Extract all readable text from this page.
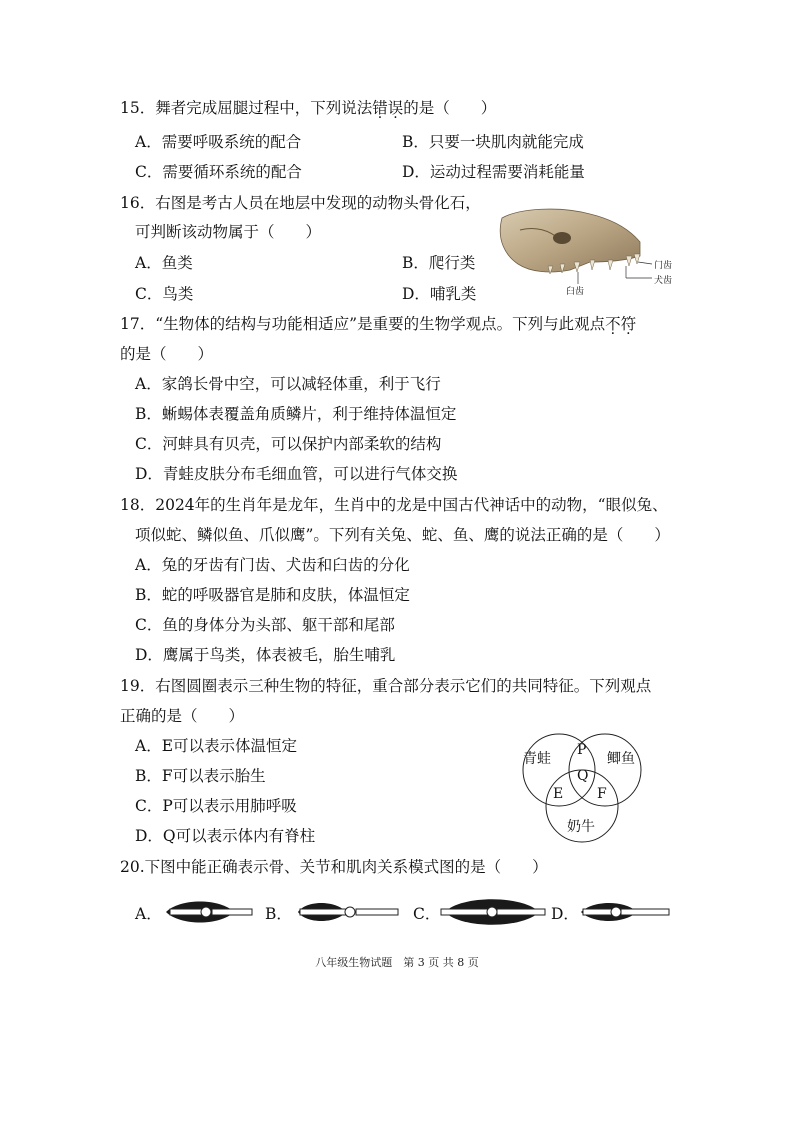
15．舞者完成屈腿过程中，下列说法错误的是（　　）
A．需要呼吸系统的配合	B．只要一块肌肉就能完成
C．需要循环系统的配合	D．运动过程需要消耗能量
16．右图是考古人员在地层中发现的动物头骨化石，
可判断该动物属于（　　）
A．鱼类	B．爬行类
C．鸟类	D．哺乳类
门齿
犬齿
臼齿
17．“生物体的结构与功能相适应”是重要的生物学观点。下列与此观点不符
的是（　　）
A．家鸽长骨中空，可以减轻体重，利于飞行
B．蜥蜴体表覆盖角质鳞片，利于维持体温恒定
C．河蚌具有贝壳，可以保护内部柔软的结构
D．青蛙皮肤分布毛细血管，可以进行气体交换
18．2024年的生肖年是龙年，生肖中的龙是中国古代神话中的动物，“眼似兔、
项似蛇、鳞似鱼、爪似鹰”。下列有关兔、蛇、鱼、鹰的说法正确的是（　　）
A．兔的牙齿有门齿、犬齿和臼齿的分化
B．蛇的呼吸器官是肺和皮肤，体温恒定
C．鱼的身体分为头部、躯干部和尾部
D．鹰属于鸟类，体表被毛，胎生哺乳
19．右图圆圈表示三种生物的特征，重合部分表示它们的共同特征。下列观点
正确的是（　　）
A．E可以表示体温恒定
B．F可以表示胎生
C．P可以表示用肺呼吸
D．Q可以表示体内有脊柱
青蛙	鲫鱼
奶牛
P
Q
E F
20.下图中能正确表示骨、关节和肌肉关系模式图的是（　　）
A．	B．	C．	D．
八年级生物试题　第 3 页 共 8 页
